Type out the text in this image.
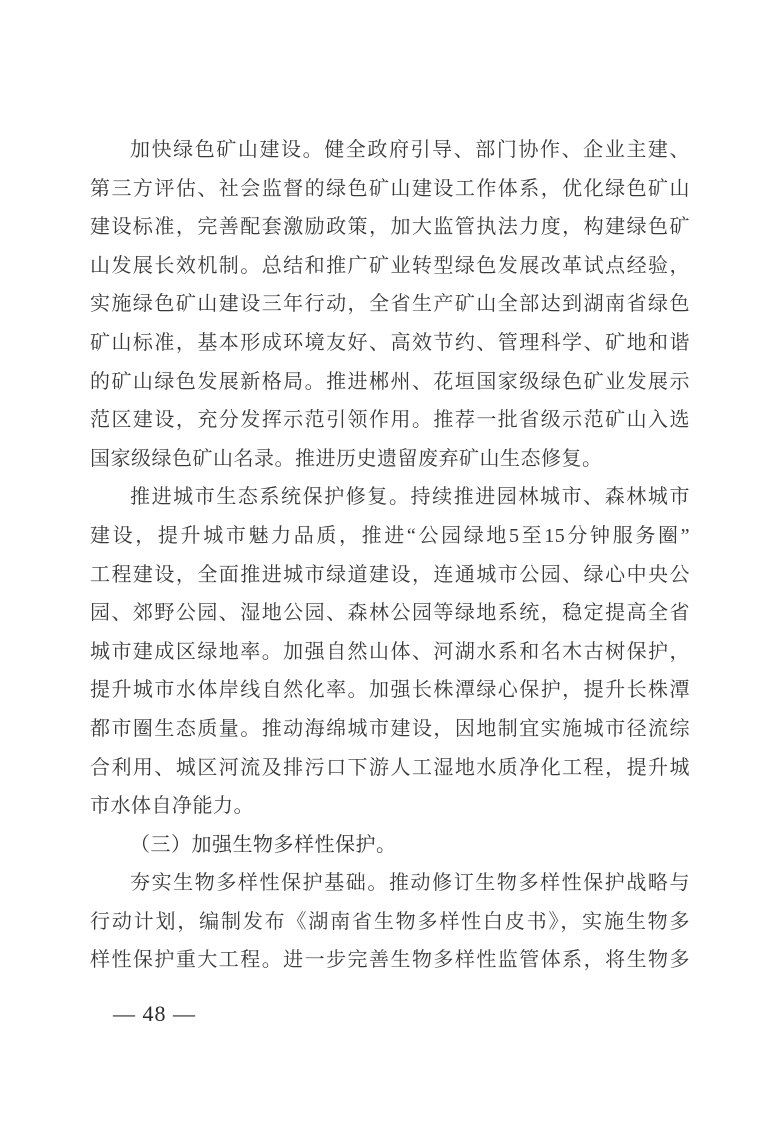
加快绿色矿山建设。健全政府引导、部门协作、企业主建、
第三方评估、社会监督的绿色矿山建设工作体系，优化绿色矿山
建设标准，完善配套激励政策，加大监管执法力度，构建绿色矿
山发展长效机制。总结和推广矿业转型绿色发展改革试点经验，
实施绿色矿山建设三年行动，全省生产矿山全部达到湖南省绿色
矿山标准，基本形成环境友好、高效节约、管理科学、矿地和谐
的矿山绿色发展新格局。推进郴州、花垣国家级绿色矿业发展示
范区建设，充分发挥示范引领作用。推荐一批省级示范矿山入选
国家级绿色矿山名录。推进历史遗留废弃矿山生态修复。
推进城市生态系统保护修复。持续推进园林城市、森林城市
建设，提升城市魅力品质，推进“公园绿地5至15分钟服务圈”
工程建设，全面推进城市绿道建设，连通城市公园、绿心中央公
园、郊野公园、湿地公园、森林公园等绿地系统，稳定提高全省
城市建成区绿地率。加强自然山体、河湖水系和名木古树保护，
提升城市水体岸线自然化率。加强长株潭绿心保护，提升长株潭
都市圈生态质量。推动海绵城市建设，因地制宜实施城市径流综
合利用、城区河流及排污口下游人工湿地水质净化工程，提升城
市水体自净能力。
（三）加强生物多样性保护。
夯实生物多样性保护基础。推动修订生物多样性保护战略与
行动计划，编制发布《湖南省生物多样性白皮书》，实施生物多
样性保护重大工程。进一步完善生物多样性监管体系，将生物多
— 48 —
